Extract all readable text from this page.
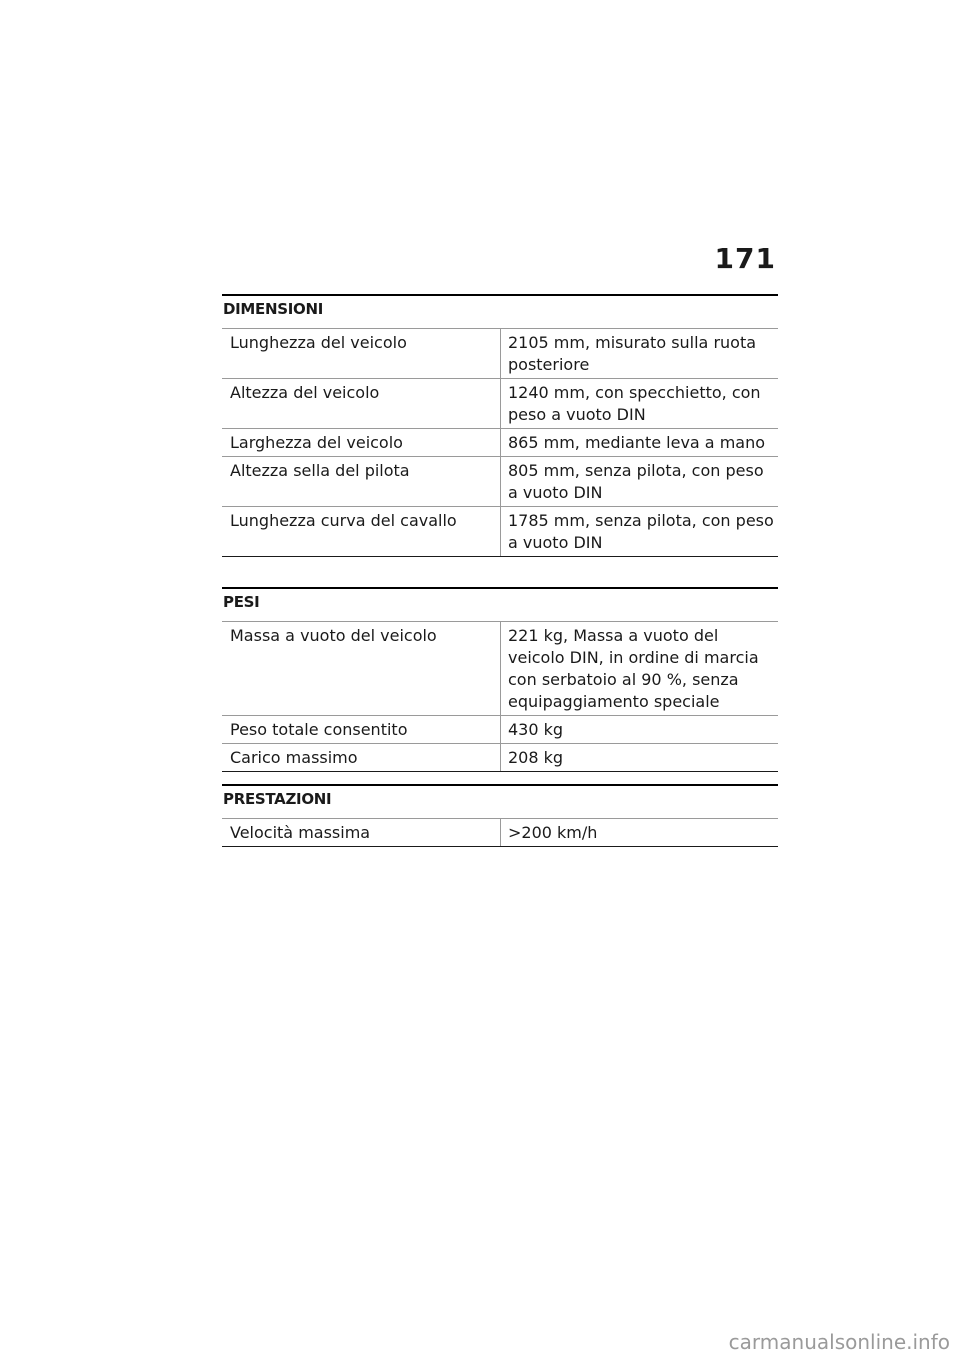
171
DIMENSIONI
Lunghezza del veicolo	2105 mm, misurato sulla ruota posteriore
Altezza del veicolo	1240 mm, con specchietto, con peso a vuoto DIN
Larghezza del veicolo	865 mm, mediante leva a mano
Altezza sella del pilota	805 mm, senza pilota, con peso a vuoto DIN
Lunghezza curva del cavallo	1785 mm, senza pilota, con peso a vuoto DIN
PESI
Massa a vuoto del veicolo	221 kg, Massa a vuoto del veicolo DIN, in ordine di marcia con serbatoio al 90 %, senza equipaggiamento speciale
Peso totale consentito	430 kg
Carico massimo	208 kg
PRESTAZIONI
Velocità massima	>200 km/h
carmanualsonline.info
